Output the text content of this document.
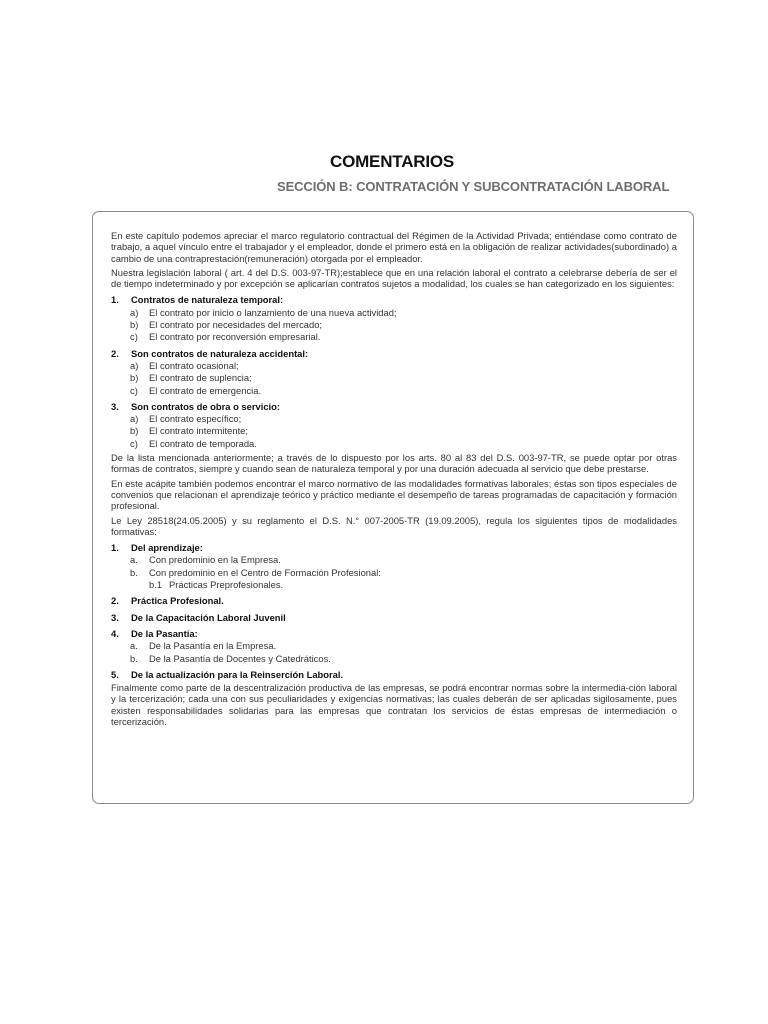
COMENTARIOS
SECCIÓN B: CONTRATACIÓN Y SUBCONTRATACIÓN LABORAL

En este capítulo podemos apreciar el marco regulatorio contractual del Régimen de la Actividad Privada; entiéndase como contrato de trabajo, a aquel vínculo entre el trabajador y el empleador, donde el primero está en la obligación de realizar actividades(subordinado) a cambio de una contraprestación(remuneración) otorgada por el empleador.

Nuestra legislación laboral ( art. 4 del D.S. 003-97-TR);establece que en una relación laboral el contrato a celebrarse debería de ser el de tiempo indeterminado y por excepción se aplicarían contratos sujetos a modalidad, los cuales se han categorizado en los siguientes:

1. Contratos de naturaleza temporal:
a) El contrato por inicio o lanzamiento de una nueva actividad;
b) El contrato por necesidades del mercado;
c) El contrato por reconversión empresarial.
2. Son contratos de naturaleza accidental:
a) El contrato ocasional;
b) El contrato de suplencia;
c) El contrato de emergencia.
3. Son contratos de obra o servicio:
a) El contrato específico;
b) El contrato intermitente;
c) El contrato de temporada.

De la lista mencionada anteriormente; a través de lo dispuesto por los arts. 80 al 83 del D.S. 003-97-TR, se puede optar por otras formas de contratos, siempre y cuando sean de naturaleza temporal y por una duración adecuada al servicio que debe prestarse.

En este acápite también podemos encontrar el marco normativo de las modalidades formativas laborales; éstas son tipos especiales de convenios que relacionan el aprendizaje teórico y práctico mediante el desempeño de tareas programadas de capacitación y formación profesional.

Le Ley 28518(24.05.2005) y su reglamento el D.S. N.° 007-2005-TR (19.09.2005), regula los siguientes tipos de modalidades formativas:

1. Del aprendizaje:
a. Con predominio en la Empresa.
b. Con predominio en el Centro de Formación Profesional:
b.1 Prácticas Preprofesionales.
2. Práctica Profesional.
3. De la Capacitación Laboral Juvenil
4. De la Pasantía:
a. De la Pasantía en la Empresa.
b. De la Pasantía de Docentes y Catedráticos.
5. De la actualización para la Reinserción Laboral.

Finalmente como parte de la descentralización productiva de las empresas, se podrá encontrar normas sobre la intermedia-ción laboral y la tercerización; cada una con sus peculiaridades y exigencias normativas; las cuales deberán de ser aplicadas sigilosamente, pues existen responsabilidades solidarias para las empresas que contratan los servicios de éstas empresas de intermediación o tercerización.
